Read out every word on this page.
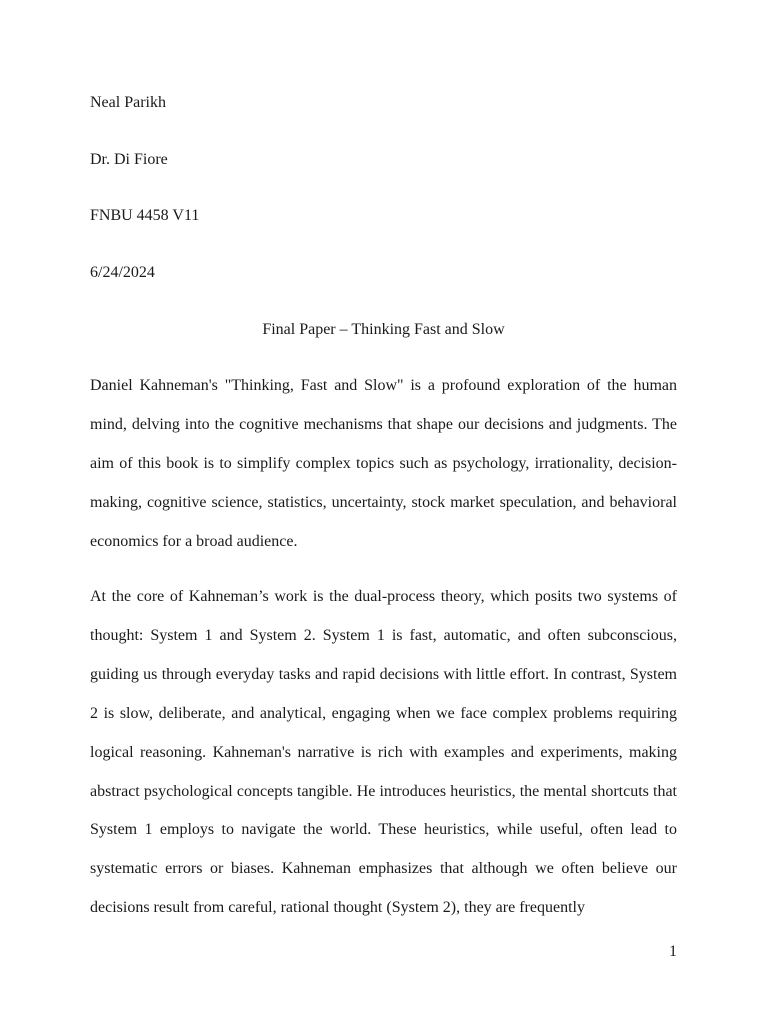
Neal Parikh

Dr. Di Fiore

FNBU 4458 V11

6/24/2024

Final Paper – Thinking Fast and Slow

Daniel Kahneman's "Thinking, Fast and Slow" is a profound exploration of the human mind, delving into the cognitive mechanisms that shape our decisions and judgments. The aim of this book is to simplify complex topics such as psychology, irrationality, decision-making, cognitive science, statistics, uncertainty, stock market speculation, and behavioral economics for a broad audience.

At the core of Kahneman’s work is the dual-process theory, which posits two systems of thought: System 1 and System 2. System 1 is fast, automatic, and often subconscious, guiding us through everyday tasks and rapid decisions with little effort. In contrast, System 2 is slow, deliberate, and analytical, engaging when we face complex problems requiring logical reasoning. Kahneman's narrative is rich with examples and experiments, making abstract psychological concepts tangible. He introduces heuristics, the mental shortcuts that System 1 employs to navigate the world. These heuristics, while useful, often lead to systematic errors or biases. Kahneman emphasizes that although we often believe our decisions result from careful, rational thought (System 2), they are frequently

1
